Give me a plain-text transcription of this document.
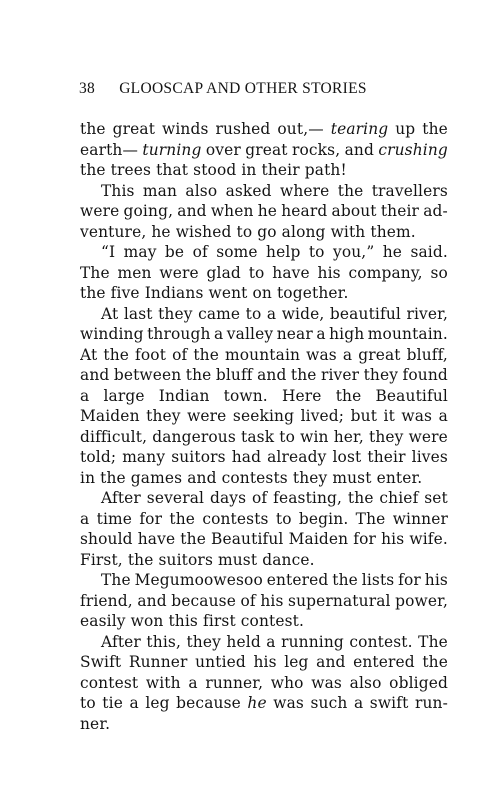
38 GLOOSCAP AND OTHER STORIES
the great winds rushed out,— tearing up the
earth— turning over great rocks, and crushing
the trees that stood in their path!
This man also asked where the travellers
were going, and when he heard about their ad-
venture, he wished to go along with them.
“I may be of some help to you,” he said.
The men were glad to have his company, so
the five Indians went on together.
At last they came to a wide, beautiful river,
winding through a valley near a high mountain.
At the foot of the mountain was a great bluff,
and between the bluff and the river they found
a large Indian town. Here the Beautiful
Maiden they were seeking lived; but it was a
difficult, dangerous task to win her, they were
told; many suitors had already lost their lives
in the games and contests they must enter.
After several days of feasting, the chief set
a time for the contests to begin. The winner
should have the Beautiful Maiden for his wife.
First, the suitors must dance.
The Megumoowesoo entered the lists for his
friend, and because of his supernatural power,
easily won this first contest.
After this, they held a running contest. The
Swift Runner untied his leg and entered the
contest with a runner, who was also obliged
to tie a leg because he was such a swift run-
ner.
